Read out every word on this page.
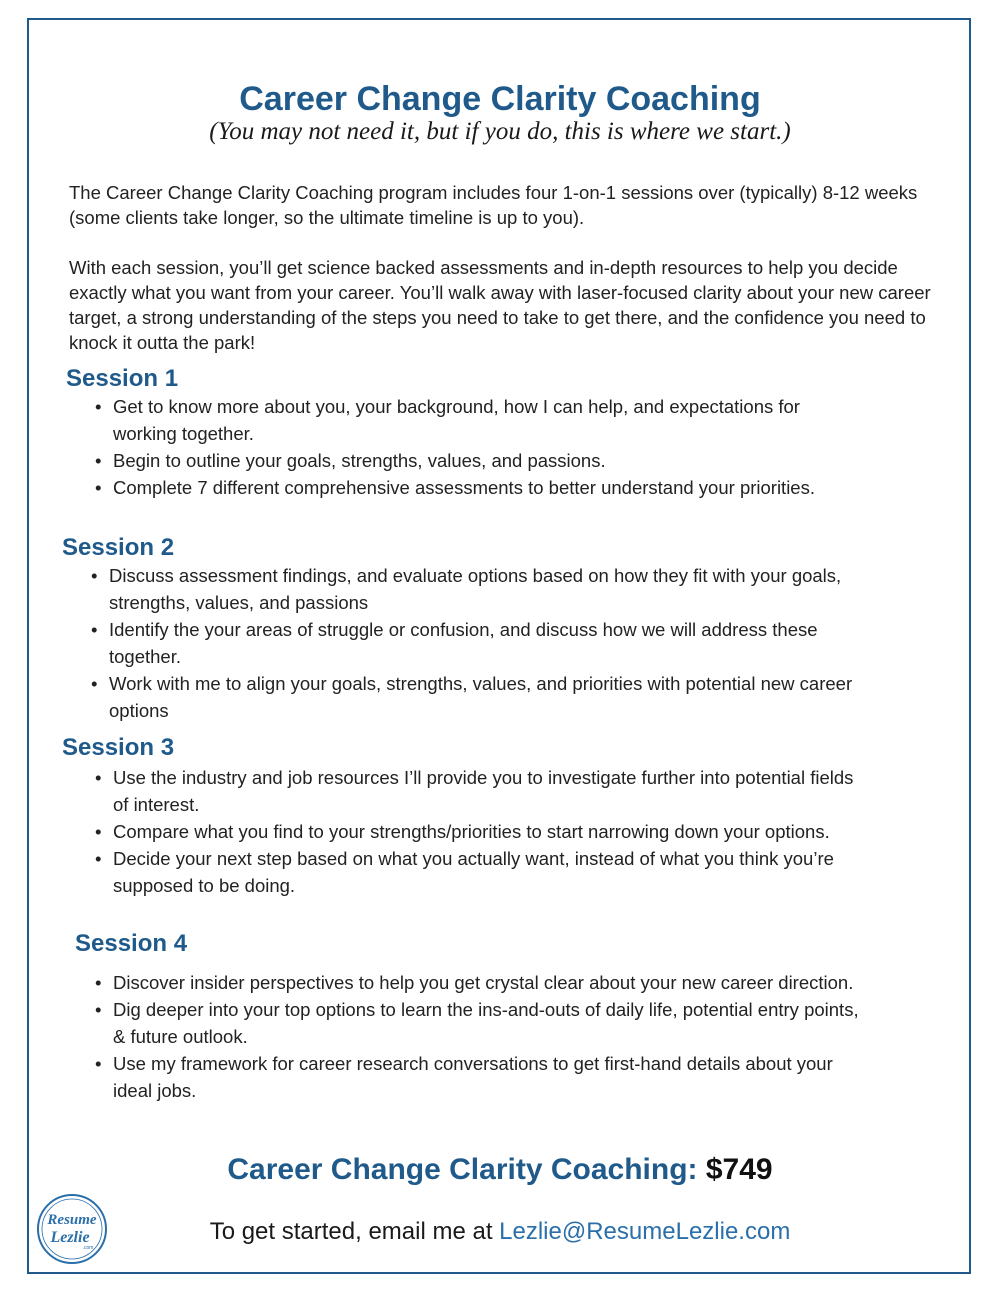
Career Change Clarity Coaching

(You may not need it, but if you do, this is where we start.)

The Career Change Clarity Coaching program includes four 1-on-1 sessions over (typically) 8-12 weeks (some clients take longer, so the ultimate timeline is up to you).

With each session, you’ll get science backed assessments and in-depth resources to help you decide exactly what you want from your career. You’ll walk away with laser-focused clarity about your new career target, a strong understanding of the steps you need to take to get there, and the confidence you need to knock it outta the park!

Session 1
• Get to know more about you, your background, how I can help, and expectations for working together.
• Begin to outline your goals, strengths, values, and passions.
• Complete 7 different comprehensive assessments to better understand your priorities.
Session 2
• Discuss assessment findings, and evaluate options based on how they fit with your goals, strengths, values, and passions
• Identify the your areas of struggle or confusion, and discuss how we will address these together.
• Work with me to align your goals, strengths, values, and priorities with potential new career options
Session 3
• Use the industry and job resources I’ll provide you to investigate further into potential fields of interest.
• Compare what you find to your strengths/priorities to start narrowing down your options.
• Decide your next step based on what you actually want, instead of what you think you’re supposed to be doing.
Session 4
• Discover insider perspectives to help you get crystal clear about your new career direction.
• Dig deeper into your top options to learn the ins-and-outs of daily life, potential entry points, & future outlook.
• Use my framework for career research conversations to get first-hand details about your ideal jobs.
Career Change Clarity Coaching: $749
To get started, email me at Lezlie@ResumeLezlie.com
Resume
Lezlie
.com
